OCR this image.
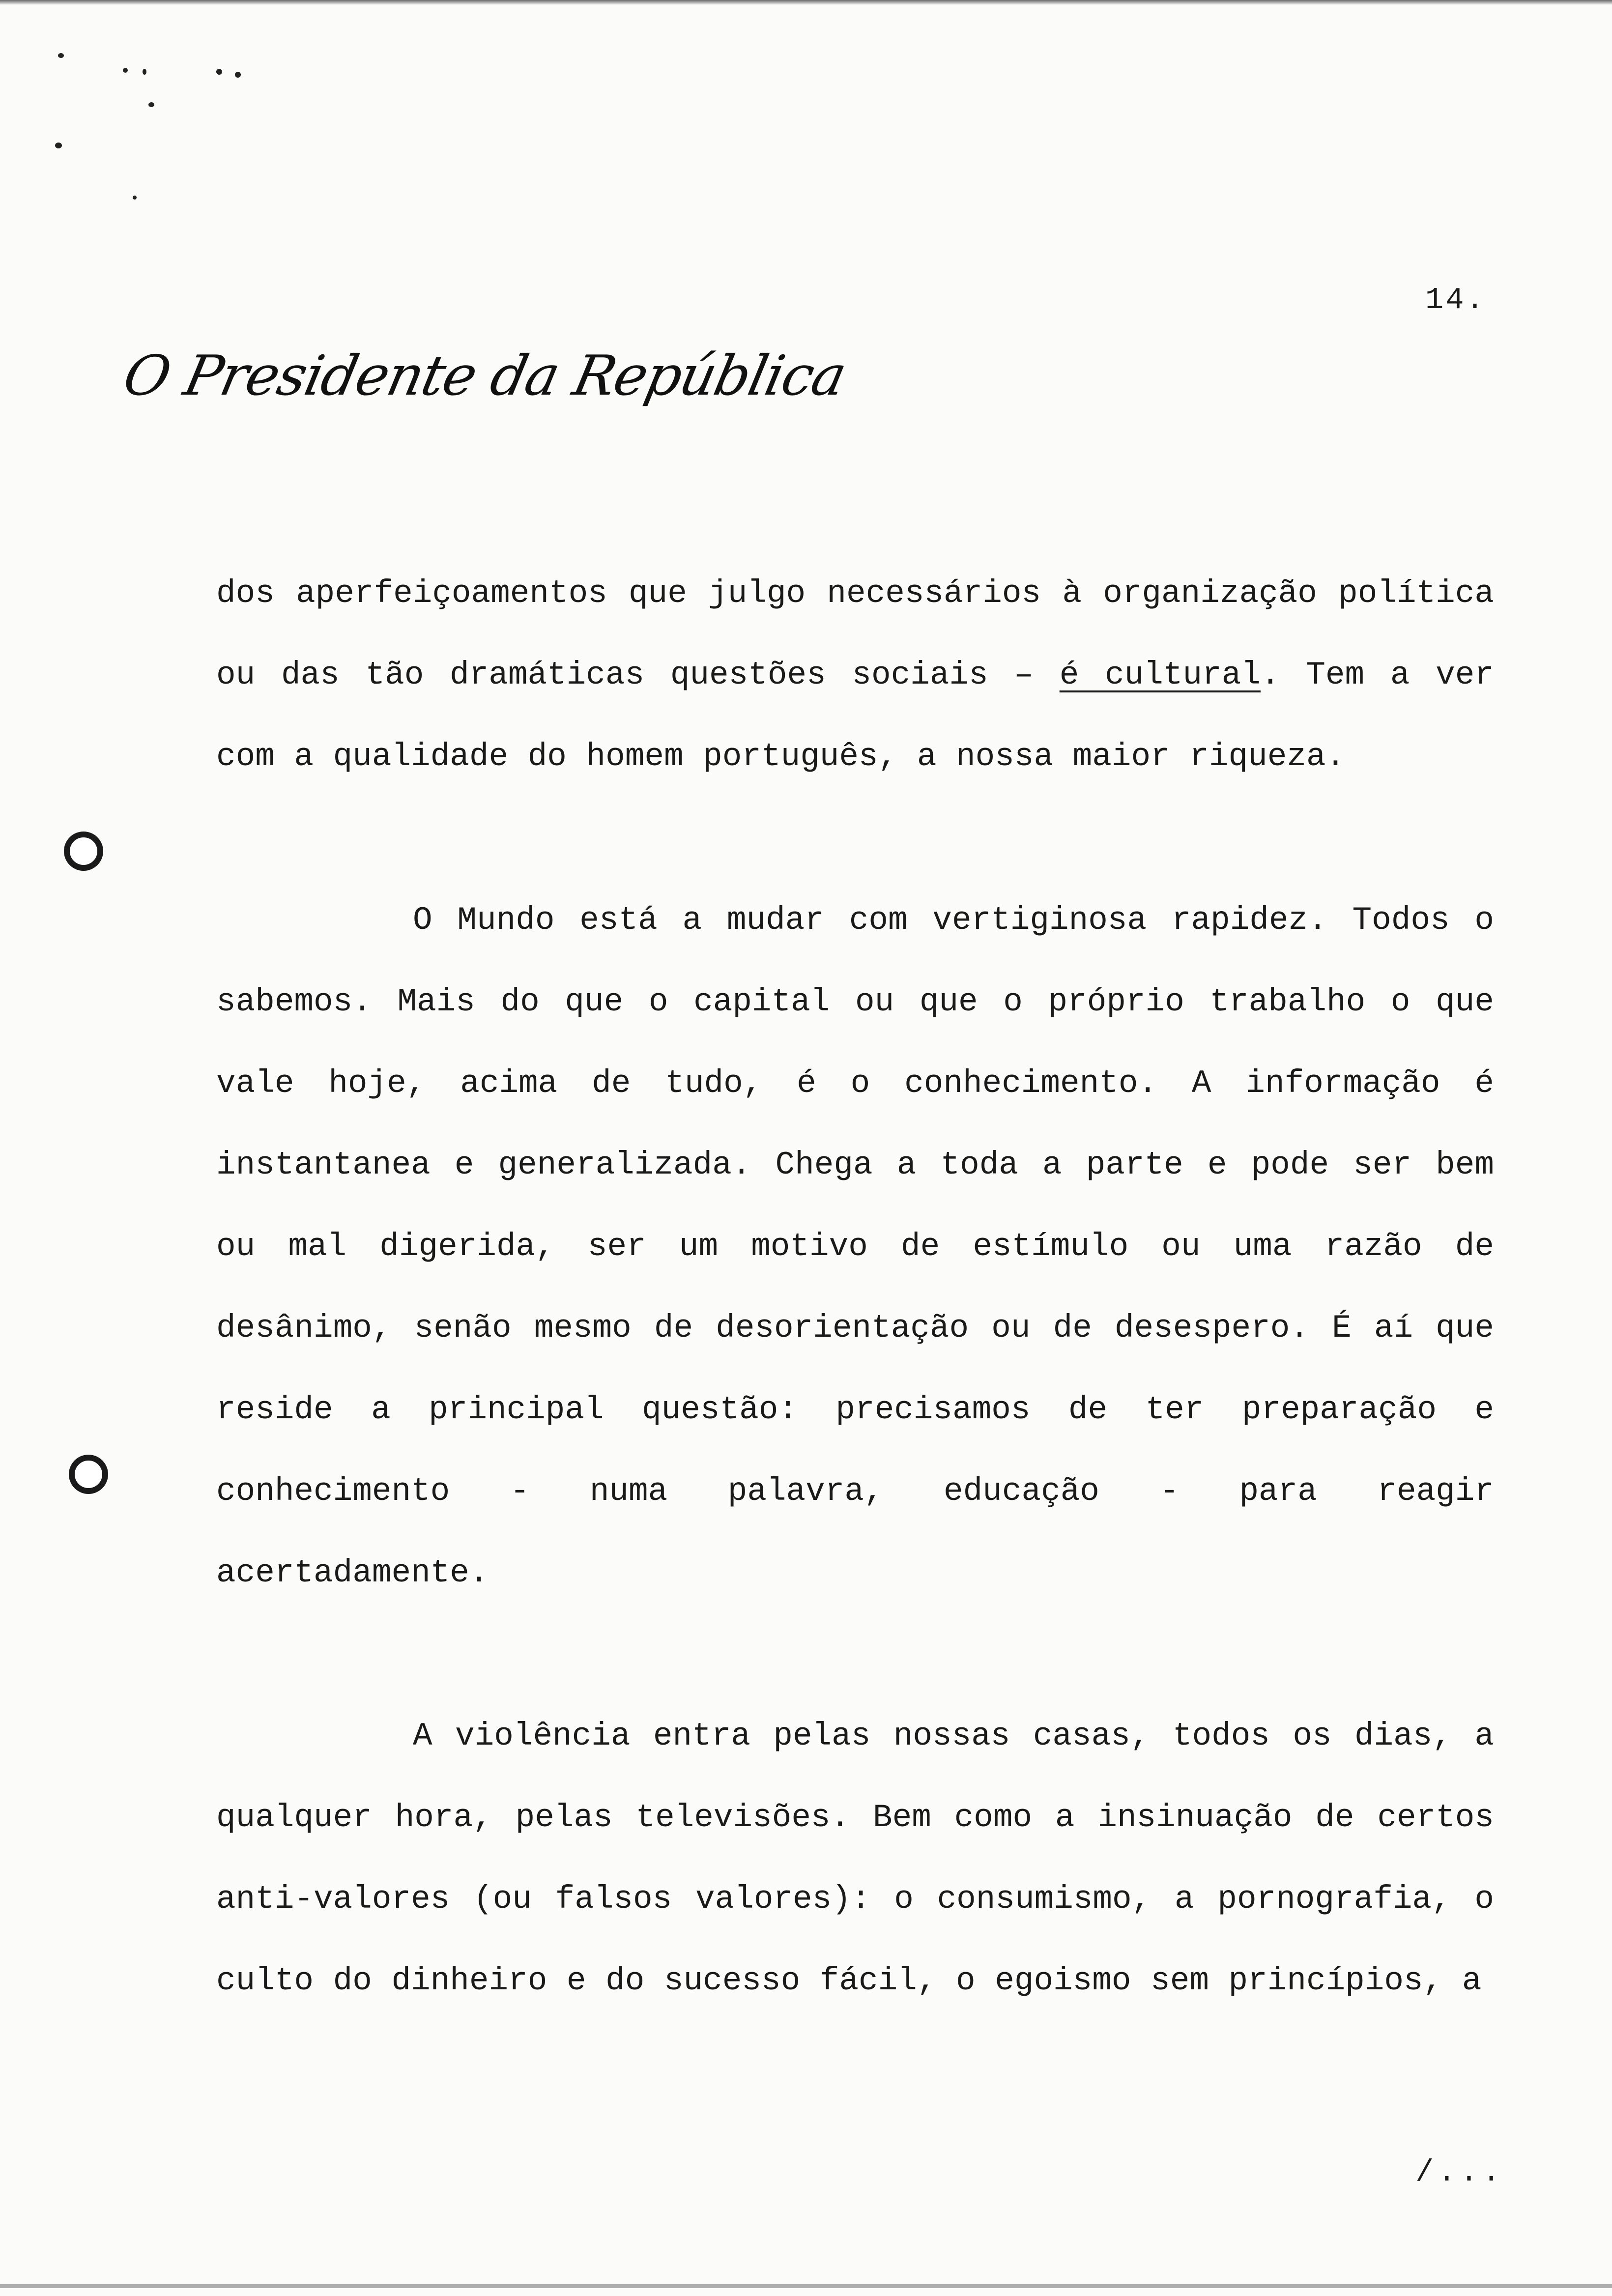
14.
O Presidente da República
dos aperfeiçoamentos que julgo necessários à organização política ou das tão dramáticas questões sociais – é cultural. Tem a ver com a qualidade do homem português, a nossa maior riqueza.
O Mundo está a mudar com vertiginosa rapidez. Todos o sabemos. Mais do que o capital ou que o próprio trabalho o que vale hoje, acima de tudo, é o conhecimento. A informação é instantanea e generalizada. Chega a toda a parte e pode ser bem ou mal digerida, ser um motivo de estímulo ou uma razão de desânimo, senão mesmo de desorientação ou de desespero. É aí que reside a principal questão: precisamos de ter preparação e conhecimento - numa palavra, educação - para reagir acertadamente.
A violência entra pelas nossas casas, todos os dias, a qualquer hora, pelas televisões. Bem como a insinuação de certos anti-valores (ou falsos valores): o consumismo, a pornografia, o culto do dinheiro e do sucesso fácil, o egoismo sem princípios, a
/...
